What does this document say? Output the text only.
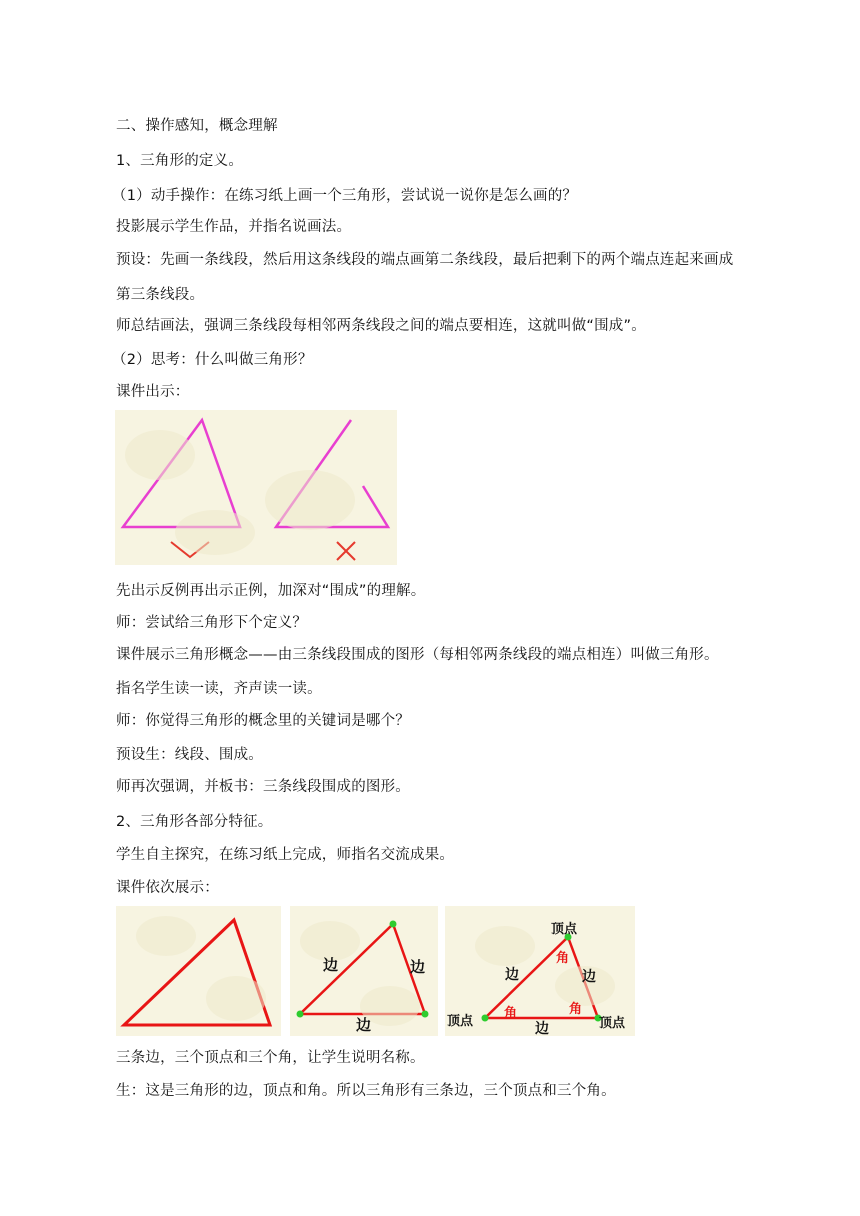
二、操作感知，概念理解
1、三角形的定义。
（1）动手操作：在练习纸上画一个三角形，尝试说一说你是怎么画的？
投影展示学生作品，并指名说画法。
预设：先画一条线段，然后用这条线段的端点画第二条线段，最后把剩下的两个端点连起来画成
第三条线段。
师总结画法，强调三条线段每相邻两条线段之间的端点要相连，这就叫做“围成”。
（2）思考：什么叫做三角形？
课件出示：
先出示反例再出示正例，加深对“围成”的理解。
师：尝试给三角形下个定义？
课件展示三角形概念——由三条线段围成的图形（每相邻两条线段的端点相连）叫做三角形。
指名学生读一读，齐声读一读。
师：你觉得三角形的概念里的关键词是哪个？
预设生：线段、围成。
师再次强调，并板书：三条线段围成的图形。
2、三角形各部分特征。
学生自主探究，在练习纸上完成，师指名交流成果。
课件依次展示：
边	边
边
顶点
顶点	顶点
边	边
边
角
角	角
三条边，三个顶点和三个角，让学生说明名称。
生：这是三角形的边，顶点和角。所以三角形有三条边，三个顶点和三个角。
